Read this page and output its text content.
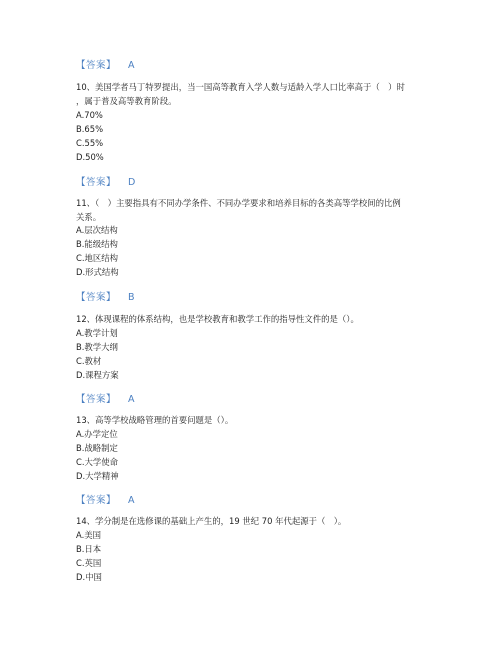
【答案】 A
10、美国学者马丁特罗提出，当一国高等教育入学人数与适龄入学人口比率高于（　）时
，属于普及高等教育阶段。
A.70%
B.65%
C.55%
D.50%
【答案】 D
11、（　）主要指具有不同办学条件、不同办学要求和培养目标的各类高等学校间的比例
关系。
A.层次结构
B.能级结构
C.地区结构
D.形式结构
【答案】 B
12、体现课程的体系结构，也是学校教育和教学工作的指导性文件的是（）。
A.教学计划
B.教学大纲
C.教材
D.课程方案
【答案】 A
13、高等学校战略管理的首要问题是（）。
A.办学定位
B.战略制定
C.大学使命
D.大学精神
【答案】 A
14、学分制是在选修课的基础上产生的，19 世纪 70 年代起源于（　）。
A.美国
B.日本
C.英国
D.中国
